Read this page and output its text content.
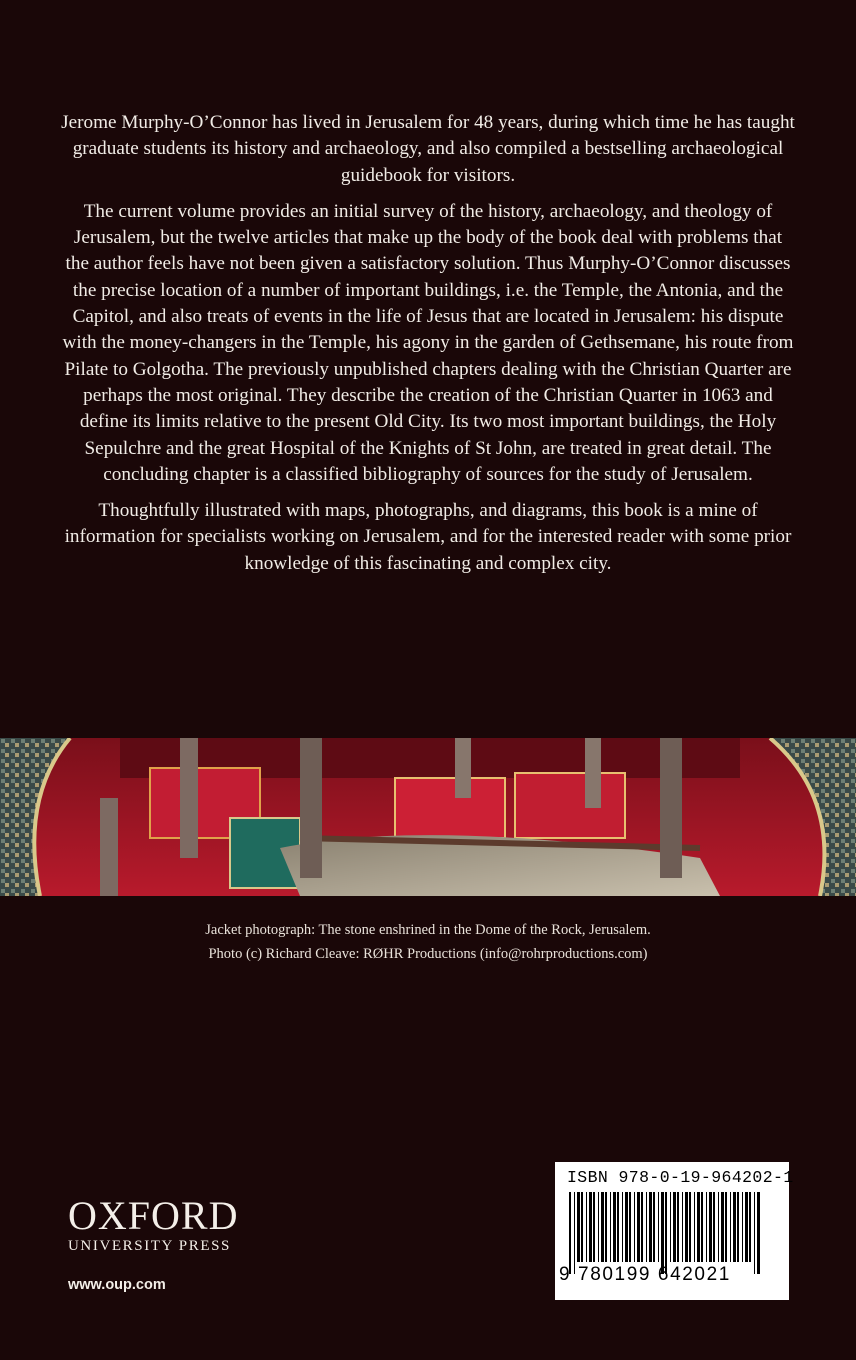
Jerome Murphy-O’Connor has lived in Jerusalem for 48 years, during which time he has taught graduate students its history and archaeology, and also compiled a bestselling archaeological guidebook for visitors.

The current volume provides an initial survey of the history, archaeology, and theology of Jerusalem, but the twelve articles that make up the body of the book deal with problems that the author feels have not been given a satisfactory solution. Thus Murphy-O’Connor discusses the precise location of a number of important buildings, i.e. the Temple, the Antonia, and the Capitol, and also treats of events in the life of Jesus that are located in Jerusalem: his dispute with the money-changers in the Temple, his agony in the garden of Gethsemane, his route from Pilate to Golgotha. The previously unpublished chapters dealing with the Christian Quarter are perhaps the most original. They describe the creation of the Christian Quarter in 1063 and define its limits relative to the present Old City. Its two most important buildings, the Holy Sepulchre and the great Hospital of the Knights of St John, are treated in great detail. The concluding chapter is a classified bibliography of sources for the study of Jerusalem.

Thoughtfully illustrated with maps, photographs, and diagrams, this book is a mine of information for specialists working on Jerusalem, and for the interested reader with some prior knowledge of this fascinating and complex city.

Jacket photograph: The stone enshrined in the Dome of the Rock, Jerusalem.
Photo (c) Richard Cleave: RØHR Productions (info@rohrproductions.com)
OXFORD
UNIVERSITY PRESS
www.oup.com
ISBN 978-0-19-964202-1
9 780199 642021
